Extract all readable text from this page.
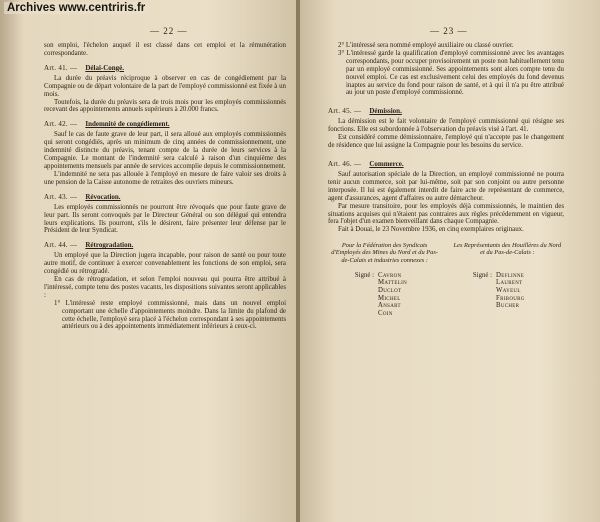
Archives www.centriris.fr
— 22 —

son emploi, l'échelon auquel il est classé dans cet emploi et la rémunération correspondante.

Art. 41. — Délai-Congé.

La durée du préavis réciproque à observer en cas de congédiement par la Compagnie ou de départ volontaire de la part de l'employé commissionné est fixée à un mois.

Toutefois, la durée du préavis sera de trois mois pour les employés commissionnés recevant des appointements annuels supérieurs à 20.000 francs.

Art. 42. — Indemnité de congédiement.

Sauf le cas de faute grave de leur part, il sera alloué aux employés commissionnés qui seront congédiés, après un minimum de cinq années de commissionnement, une indemnité distincte du préavis, tenant compte de la durée de leurs services à la Compagnie. Le montant de l'indemnité sera calculé à raison d'un cinquième des appointements mensuels par année de services accomplie depuis le commissionnement.

L'indemnité ne sera pas allouée à l'employé en mesure de faire valoir ses droits à une pension de la Caisse autonome de retraites des ouvriers mineurs.

Art. 43. — Révocation.

Les employés commissionnés ne pourront être révoqués que pour faute grave de leur part. Ils seront convoqués par le Directeur Général ou son délégué qui entendra leurs explications. Ils pourront, s'ils le désirent, faire présenter leur défense par le Président de leur Syndicat.

Art. 44. — Rétrogradation.

Un employé que la Direction jugera incapable, pour raison de santé ou pour toute autre motif, de continuer à exercer convenablement les fonctions de son emploi, sera congédié ou rétrogradé.

En cas de rétrogradation, et selon l'emploi nouveau qui pourra être attribué à l'intéressé, compte tenu des postes vacants, les dispositions suivantes seront applicables :

1° L'intéressé reste employé commissionné, mais dans un nouvel emploi comportant une échelle d'appointements moindre. Dans la limite du plafond de cette échelle, l'employé sera placé à l'échelon correspondant à ses appointements antérieurs ou à des appointements immédiatement inférieurs à ceux-ci.

— 23 —

2° L'intéressé sera nommé employé auxiliaire ou classé ouvrier.

3° L'intéressé garde la qualification d'employé commissionné avec les avantages correspondants, pour occuper provisoirement un poste non habituellement tenu par un employé commissionné. Ses appointements sont alors compte tenu du nouvel emploi. Ce cas est exclusivement celui des employés du fond devenus inaptes au service du fond pour raison de santé, et à qui il n'a pu être attribué au jour un poste d'employé commissionné.

Art. 45. — Démission.

La démission est le fait volontaire de l'employé commissionné qui résigne ses fonctions. Elle est subordonnée à l'observation du préavis visé à l'art. 41.

Est considéré comme démissionnaire, l'employé qui n'accepte pas le changement de résidence que lui assigne la Compagnie pour les besoins du service.

Art. 46. — Commerce.

Sauf autorisation spéciale de la Direction, un employé commissionné ne pourra tenir aucun commerce, soit par lui-même, soit par son conjoint ou autre personne interposée. Il lui est également interdit de faire acte de représentant de commerce, agent d'assurances, agent d'affaires ou autre démarcheur.

Par mesure transitoire, pour les employés déjà commissionnés, le maintien des situations acquises qui n'étaient pas contraires aux règles précédemment en vigueur, fera l'objet d'un examen bienveillant dans chaque Compagnie.

Fait à Douai, le 23 Novembre 1936, en cinq exemplaires originaux.

Pour la Fédération des Syndicats d'Employés des Mines du Nord et du Pas-de-Calais et industries connexes :
Les Représentants des Houillères du Nord et du Pas-de-Calais :
Signé : Cavron
Mattelin
Duclot
Michel
Ansart
Coin
Signé : Deflinne
Laurent
Wayeul
Fribourg
Bucher
